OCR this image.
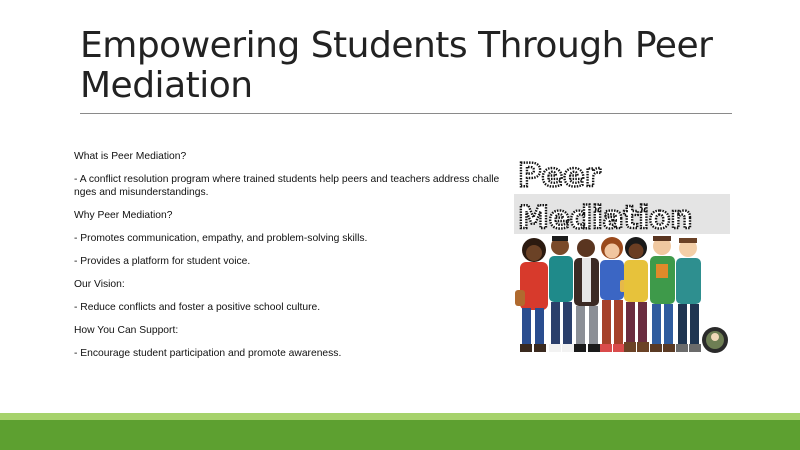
Empowering Students Through Peer Mediation

What is Peer Mediation?

- A conflict resolution program where trained students help peers and teachers address challenges and misunderstandings.

Why Peer Mediation?

- Promotes communication, empathy, and problem-solving skills.

- Provides a platform for student voice.

Our Vision:

- Reduce conflicts and foster a positive school culture.

How You Can Support:

- Encourage student participation and promote awareness.

Peer
Mediation
